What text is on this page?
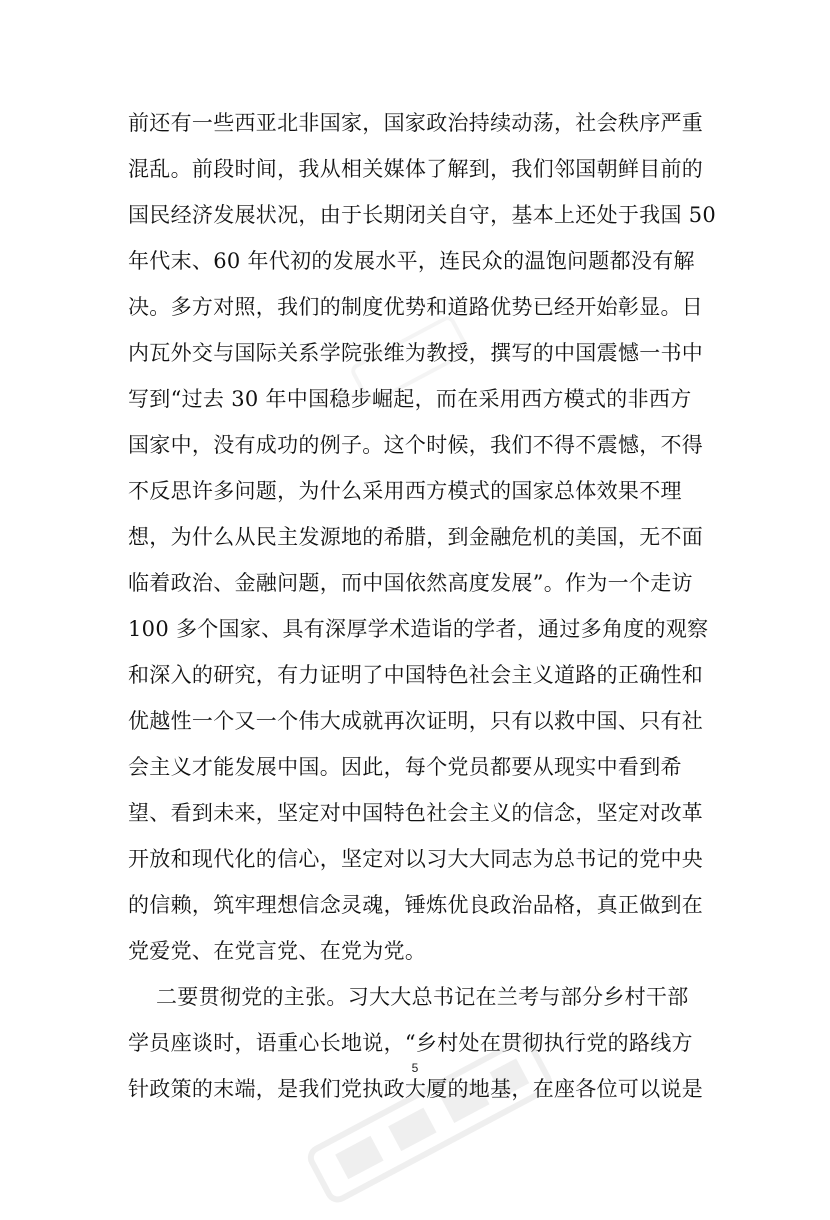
前还有一些西亚北非国家，国家政治持续动荡，社会秩序严重
混乱。前段时间，我从相关媒体了解到，我们邻国朝鲜目前的
国民经济发展状况，由于长期闭关自守，基本上还处于我国 50
年代末、60 年代初的发展水平，连民众的温饱问题都没有解
决。多方对照，我们的制度优势和道路优势已经开始彰显。日
内瓦外交与国际关系学院张维为教授，撰写的中国震憾一书中
写到“过去 30 年中国稳步崛起，而在采用西方模式的非西方
国家中，没有成功的例子。这个时候，我们不得不震憾，不得
不反思许多问题，为什么采用西方模式的国家总体效果不理
想，为什么从民主发源地的希腊，到金融危机的美国，无不面
临着政治、金融问题，而中国依然高度发展”。作为一个走访
100 多个国家、具有深厚学术造诣的学者，通过多角度的观察
和深入的研究，有力证明了中国特色社会主义道路的正确性和
优越性一个又一个伟大成就再次证明，只有以救中国、只有社
会主义才能发展中国。因此，每个党员都要从现实中看到希
望、看到未来，坚定对中国特色社会主义的信念，坚定对改革
开放和现代化的信心，坚定对以习大大同志为总书记的党中央
的信赖，筑牢理想信念灵魂，锤炼优良政治品格，真正做到在
党爱党、在党言党、在党为党。
二要贯彻党的主张。习大大总书记在兰考与部分乡村干部
学员座谈时，语重心长地说，“乡村处在贯彻执行党的路线方
针政策的末端，是我们党执政大厦的地基，在座各位可以说是
5
